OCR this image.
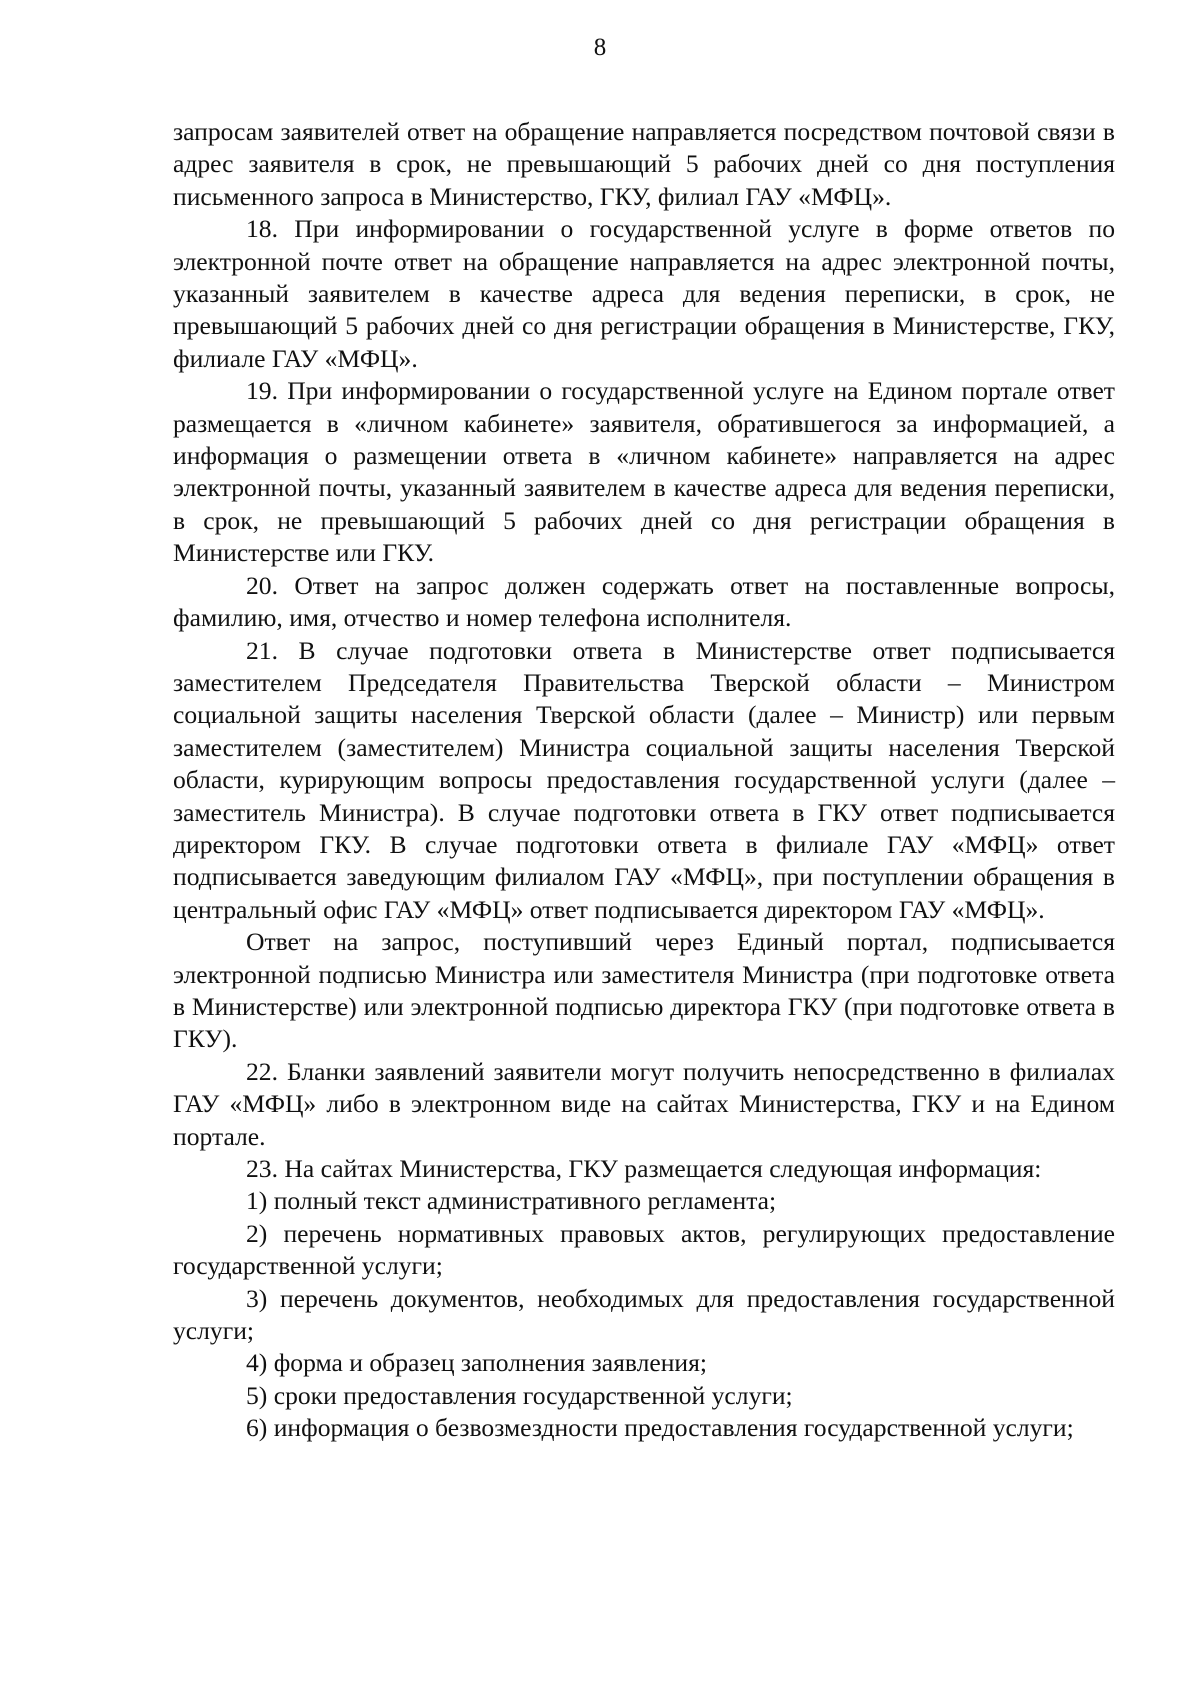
8

запросам заявителей ответ на обращение направляется посредством почтовой связи в адрес заявителя в срок, не превышающий 5 рабочих дней со дня поступления письменного запроса в Министерство, ГКУ, филиал ГАУ «МФЦ».

18. При информировании о государственной услуге в форме ответов по электронной почте ответ на обращение направляется на адрес электронной почты, указанный заявителем в качестве адреса для ведения переписки, в срок, не превышающий 5 рабочих дней со дня регистрации обращения в Министерстве, ГКУ, филиале ГАУ «МФЦ».

19. При информировании о государственной услуге на Едином портале ответ размещается в «личном кабинете» заявителя, обратившегося за информацией, а информация о размещении ответа в «личном кабинете» направляется на адрес электронной почты, указанный заявителем в качестве адреса для ведения переписки, в срок, не превышающий 5 рабочих дней со дня регистрации обращения в Министерстве или ГКУ.

20. Ответ на запрос должен содержать ответ на поставленные вопросы, фамилию, имя, отчество и номер телефона исполнителя.

21. В случае подготовки ответа в Министерстве ответ подписывается заместителем Председателя Правительства Тверской области – Министром социальной защиты населения Тверской области (далее – Министр) или первым заместителем (заместителем) Министра социальной защиты населения Тверской области, курирующим вопросы предоставления государственной услуги (далее – заместитель Министра). В случае подготовки ответа в ГКУ ответ подписывается директором ГКУ. В случае подготовки ответа в филиале ГАУ «МФЦ» ответ подписывается заведующим филиалом ГАУ «МФЦ», при поступлении обращения в центральный офис ГАУ «МФЦ» ответ подписывается директором ГАУ «МФЦ».

Ответ на запрос, поступивший через Единый портал, подписывается электронной подписью Министра или заместителя Министра (при подготовке ответа в Министерстве) или электронной подписью директора ГКУ (при подготовке ответа в ГКУ).

22. Бланки заявлений заявители могут получить непосредственно в филиалах ГАУ «МФЦ» либо в электронном виде на сайтах Министерства, ГКУ и на Едином портале.

23. На сайтах Министерства, ГКУ размещается следующая информация:

1) полный текст административного регламента;

2) перечень нормативных правовых актов, регулирующих предоставление государственной услуги;

3) перечень документов, необходимых для предоставления государственной услуги;

4) форма и образец заполнения заявления;

5) сроки предоставления государственной услуги;

6) информация о безвозмездности предоставления государственной услуги;
